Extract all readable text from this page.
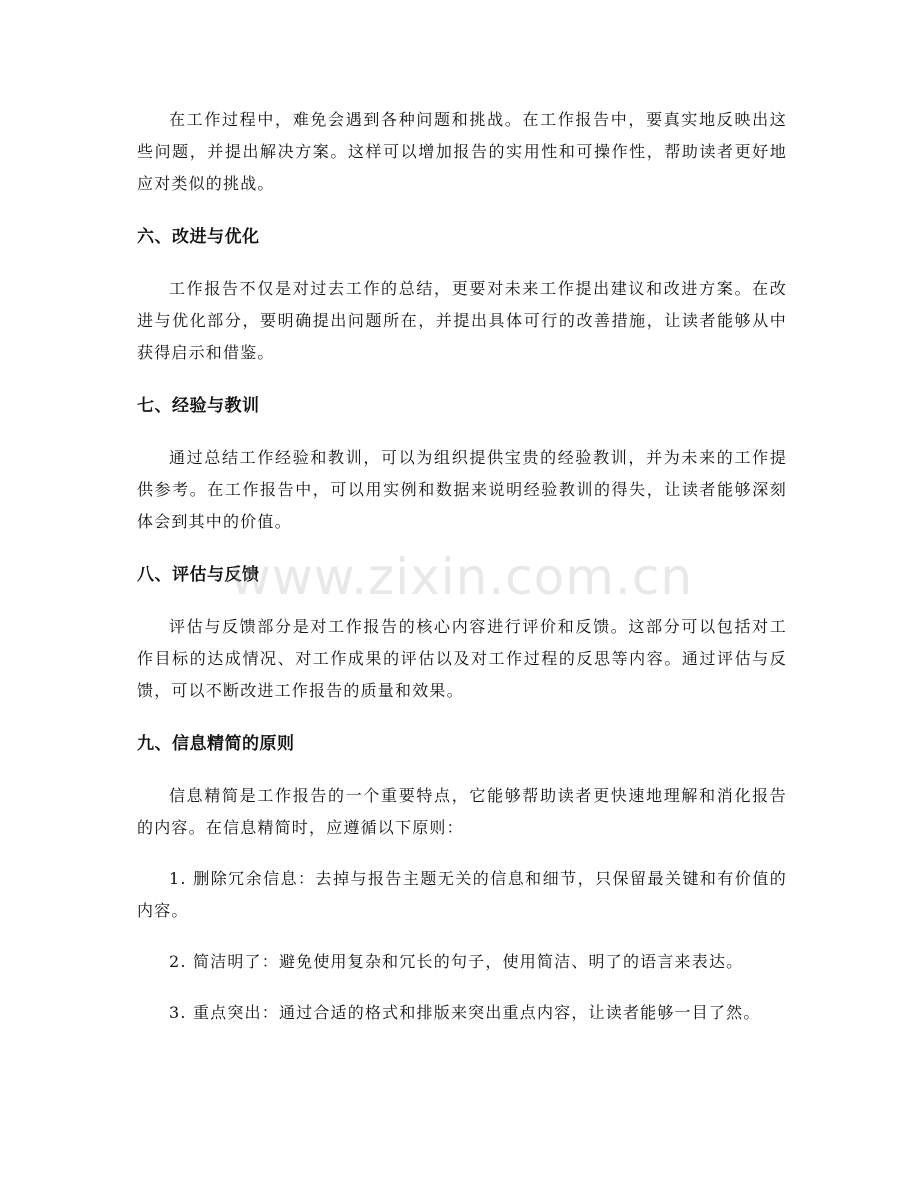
在工作过程中，难免会遇到各种问题和挑战。在工作报告中，要真实地反映出这些问题，并提出解决方案。这样可以增加报告的实用性和可操作性，帮助读者更好地应对类似的挑战。

六、改进与优化

工作报告不仅是对过去工作的总结，更要对未来工作提出建议和改进方案。在改进与优化部分，要明确提出问题所在，并提出具体可行的改善措施，让读者能够从中获得启示和借鉴。

七、经验与教训

通过总结工作经验和教训，可以为组织提供宝贵的经验教训，并为未来的工作提供参考。在工作报告中，可以用实例和数据来说明经验教训的得失，让读者能够深刻体会到其中的价值。

八、评估与反馈

评估与反馈部分是对工作报告的核心内容进行评价和反馈。这部分可以包括对工作目标的达成情况、对工作成果的评估以及对工作过程的反思等内容。通过评估与反馈，可以不断改进工作报告的质量和效果。

九、信息精简的原则

信息精简是工作报告的一个重要特点，它能够帮助读者更快速地理解和消化报告的内容。在信息精简时，应遵循以下原则：

1. 删除冗余信息：去掉与报告主题无关的信息和细节，只保留最关键和有价值的内容。

2. 简洁明了：避免使用复杂和冗长的句子，使用简洁、明了的语言来表达。

3. 重点突出：通过合适的格式和排版来突出重点内容，让读者能够一目了然。

www.zixin.com.cn
